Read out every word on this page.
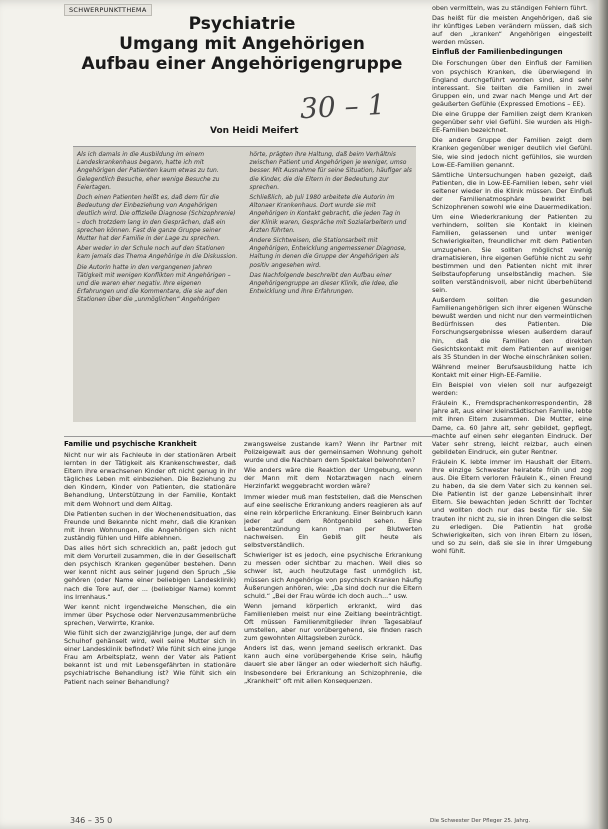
SCHWERPUNKTTHEMA
Psychiatrie
Umgang mit Angehörigen
Aufbau einer Angehörigengruppe
30 – 1
Von Heidi Meifert

Als ich damals in die Ausbildung im einem Landeskrankenhaus begann, hatte ich mit Angehörigen der Patienten kaum etwas zu tun. Gelegentlich Besuche, eher wenige Besuche zu Feiertagen.

Doch einen Patienten heißt es, daß dem für die Bedeutung der Einbeziehung von Angehörigen deutlich wird. Die offizielle Diagnose (Schizophrenie) – doch trotzdem lang in den Gesprächen, daß ein sprechen können. Fast die ganze Gruppe seiner Mutter hat der Familie in der Lage zu sprechen.

Aber weder in der Schule noch auf den Stationen kam jemals das Thema Angehörige in die Diskussion.

Die Autorin hatte in den vergangenen Jahren Tätigkeit mit wenigen Konflikten mit Angehörigen – und die waren eher negativ. Ihre eigenen Erfahrungen und die Kommentare, die sie auf den Stationen über die „unmöglichen“ Angehörigen

hörte, prägten ihre Haltung, daß beim Verhältnis zwischen Patient und Angehörigen je weniger, umso besser. Mit Ausnahme für seine Situation, häufiger als die Kinder, die die Eltern in der Bedeutung zur sprechen.

Schließlich, ab Juli 1980 arbeitete die Autorin im Altonaer Krankenhaus. Dort wurde sie mit Angehörigen in Kontakt gebracht, die jeden Tag in der Klinik waren, Gespräche mit Sozialarbeitern und Ärzten führten.

Andere Sichtweisen, die Stationsarbeit mit Angehörigen, Entwicklung angemessener Diagnose, Haltung in denen die Gruppe der Angehörigen als positiv angesehen wird.

Das Nachfolgende beschreibt den Aufbau einer Angehörigengruppe an dieser Klinik, die Idee, die Entwicklung und ihre Erfahrungen.

Familie und psychische Krankheit

Nicht nur wir als Fachleute in der stationären Arbeit lernten in der Tätigkeit als Krankenschwester, daß Eltern ihre erwachsenen Kinder oft nicht genug in ihr tägliches Leben mit einbeziehen. Die Beziehung zu den Kindern, Kinder von Patienten, die stationäre Behandlung, Unterstützung in der Familie, Kontakt mit dem Wohnort und dem Alltag.

Die Patienten suchen in der Wochenendsituation, das Freunde und Bekannte nicht mehr, daß die Kranken mit ihren Wohnungen, die Angehörigen sich nicht zuständig fühlen und Hilfe ablehnen.

Das alles hört sich schrecklich an, paßt jedoch gut mit dem Vorurteil zusammen, die in der Gesellschaft den psychisch Kranken gegenüber bestehen. Denn wer kennt nicht aus seiner Jugend den Spruch „Sie gehören (oder Name einer beliebigen Landesklinik) nach die Tore auf, der ... (beliebiger Name) kommt ins Irrenhaus.“

Wer kennt nicht irgendwelche Menschen, die ein immer über Psychose oder Nervenzusammenbrüche sprechen, Verwirrte, Kranke.

Wie fühlt sich der zwanzigjährige Junge, der auf dem Schulhof gehänselt wird, weil seine Mutter sich in einer Landesklinik befindet? Wie fühlt sich eine junge Frau am Arbeitsplatz, wenn der Vater als Patient bekannt ist und mit Lebensgefährten in stationäre psychiatrische Behandlung ist? Wie fühlt sich ein Patient nach seiner Behandlung?

zwangsweise zustande kam? Wenn ihr Partner mit Polizeigewalt aus der gemeinsamen Wohnung geholt wurde und die Nachbarn dem Spektakel beiwohnten?

Wie anders wäre die Reaktion der Umgebung, wenn der Mann mit dem Notarztwagen nach einem Herzinfarkt weggebracht worden wäre?

Immer wieder muß man feststellen, daß die Menschen auf eine seelische Erkrankung anders reagieren als auf eine rein körperliche Erkrankung. Einer Beinbruch kann jeder auf dem Röntgenbild sehen. Eine Leberentzündung kann man per Blutwerten nachweisen. Ein Gebiß gilt heute als selbstverständlich.

Schwieriger ist es jedoch, eine psychische Erkrankung zu messen oder sichtbar zu machen. Weil dies so schwer ist, auch heutzutage fast unmöglich ist, müssen sich Angehörige von psychisch Kranken häufig Äußerungen anhören, wie: „Da sind doch nur die Eltern schuld.“ „Bei der Frau würde ich doch auch...“ usw.

Wenn jemand körperlich erkrankt, wird das Familienleben meist nur eine Zeitlang beeinträchtigt. Oft müssen Familienmitglieder ihren Tagesablauf umstellen, aber nur vorübergehend, sie finden rasch zum gewohnten Alltagsleben zurück.

Anders ist das, wenn jemand seelisch erkrankt. Das kann auch eine vorübergehende Krise sein, häufig dauert sie aber länger an oder wiederholt sich häufig. Insbesondere bei Erkrankung an Schizophrenie, die „Krankheit“ oft mit allen Konsequenzen.

oben vermitteln, was zu ständigen Fehlern führt.

Das heißt für die meisten Angehörigen, daß sie ihr künftiges Leben verändern müssen, daß sich auf den „kranken“ Angehörigen eingestellt werden müssen.

Einfluß der Familienbedingungen

Die Forschungen über den Einfluß der Familien von psychisch Kranken, die überwiegend in England durchgeführt worden sind, sind sehr interessant. Sie teilten die Familien in zwei Gruppen ein, und zwar nach Menge und Art der geäußerten Gefühle (Expressed Emotions – EE).

Die eine Gruppe der Familien zeigt dem Kranken gegenüber sehr viel Gefühl. Sie wurden als High-EE-Familien bezeichnet.

Die andere Gruppe der Familien zeigt dem Kranken gegenüber weniger deutlich viel Gefühl. Sie, wie sind jedoch nicht gefühllos, sie wurden Low-EE-Familien genannt.

Sämtliche Untersuchungen haben gezeigt, daß Patienten, die in Low-EE-Familien leben, sehr viel seltener wieder in die Klinik müssen. Der Einfluß der Familienatmosphäre bewirkt bei Schizophrenen sowohl wie eine Dauermedikation.

Um eine Wiederkrankung der Patienten zu verhindern, sollten sie Kontakt in kleinen Familien, gelassenen und unter weniger Schwierigkeiten, freundlicher mit dem Patienten umzugehen. Sie sollten möglichst wenig dramatisieren, ihre eigenen Gefühle nicht zu sehr bestimmen und den Patienten nicht mit ihrer Selbstaufopferung unselbständig machen. Sie sollten verständnisvoll, aber nicht überbehütend sein.

Außerdem sollten die gesunden Familienangehörigen sich ihrer eigenen Wünsche bewußt werden und nicht nur den vermeintlichen Bedürfnissen des Patienten. Die Forschungsergebnisse wiesen außerdem darauf hin, daß die Familien den direkten Gesichtskontakt mit dem Patienten auf weniger als 35 Stunden in der Woche einschränken sollen.

Während meiner Berufsausbildung hatte ich Kontakt mit einer High-EE-Familie.

Ein Beispiel von vielen soll nur aufgezeigt werden:

Fräulein K., Fremdsprachenkorrespondentin, 28 Jahre alt, aus einer kleinstädtischen Familie, lebte mit ihren Eltern zusammen. Die Mutter, eine Dame, ca. 60 Jahre alt, sehr gebildet, gepflegt, machte auf einen sehr eleganten Eindruck. Der Vater sehr streng, leicht reizbar, auch einen gebildeten Eindruck, ein guter Rentner.

Fräulein K. lebte immer im Haushalt der Eltern. Ihre einzige Schwester heiratete früh und zog aus. Die Eltern verloren Fräulein K., einen Freund zu haben, da sie dem Vater sich zu kennen sei. Die Patientin ist der ganze Lebensinhalt ihrer Eltern. Sie bewachten jeden Schritt der Tochter und wollten doch nur das beste für sie. Sie trauten ihr nicht zu, sie in ihren Dingen die selbst zu erledigen. Die Patientin hat große Schwierigkeiten, sich von ihren Eltern zu lösen, und so zu sein, daß sie sie in ihrer Umgebung wohl fühlt.

346 – 35 0	Die Schwester Der Pfleger 25. Jahrg.
